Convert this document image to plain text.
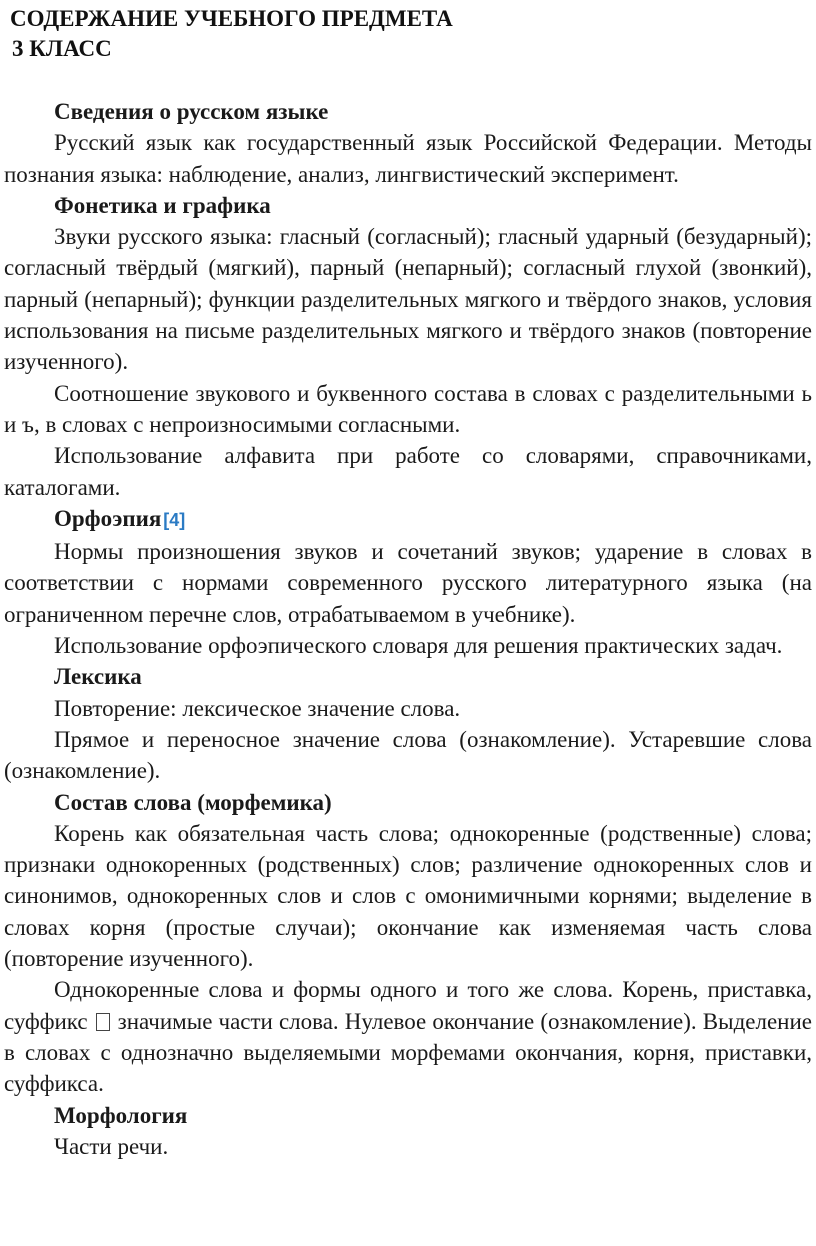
СОДЕРЖАНИЕ УЧЕБНОГО ПРЕДМЕТА

3 КЛАСС

Сведения о русском языке

Русский язык как государственный язык Российской Федерации. Методы познания языка: наблюдение, анализ, лингвистический эксперимент.

Фонетика и графика

Звуки русского языка: гласный (согласный); гласный ударный (безударный); согласный твёрдый (мягкий), парный (непарный); согласный глухой (звонкий), парный (непарный); функции разделительных мягкого и твёрдого знаков, условия использования на письме разделительных мягкого и твёрдого знаков (повторение изученного).

Соотношение звукового и буквенного состава в словах с разделительными ь и ъ, в словах с непроизносимыми согласными.

Использование алфавита при работе со словарями, справочниками, каталогами.

Орфоэпия [4]

Нормы произношения звуков и сочетаний звуков; ударение в словах в соответствии с нормами современного русского литературного языка (на ограниченном перечне слов, отрабатываемом в учебнике).

Использование орфоэпического словаря для решения практических задач.

Лексика

Повторение: лексическое значение слова.

Прямое и переносное значение слова (ознакомление). Устаревшие слова (ознакомление).

Состав слова (морфемика)

Корень как обязательная часть слова; однокоренные (родственные) слова; признаки однокоренных (родственных) слов; различение однокоренных слов и синонимов, однокоренных слов и слов с омонимичными корнями; выделение в словах корня (простые случаи); окончание как изменяемая часть слова (повторение изученного).

Однокоренные слова и формы одного и того же слова. Корень, приставка, суффикс значимые части слова. Нулевое окончание (ознакомление). Выделение в словах с однозначно выделяемыми морфемами окончания, корня, приставки, суффикса.

Морфология

Части речи.
